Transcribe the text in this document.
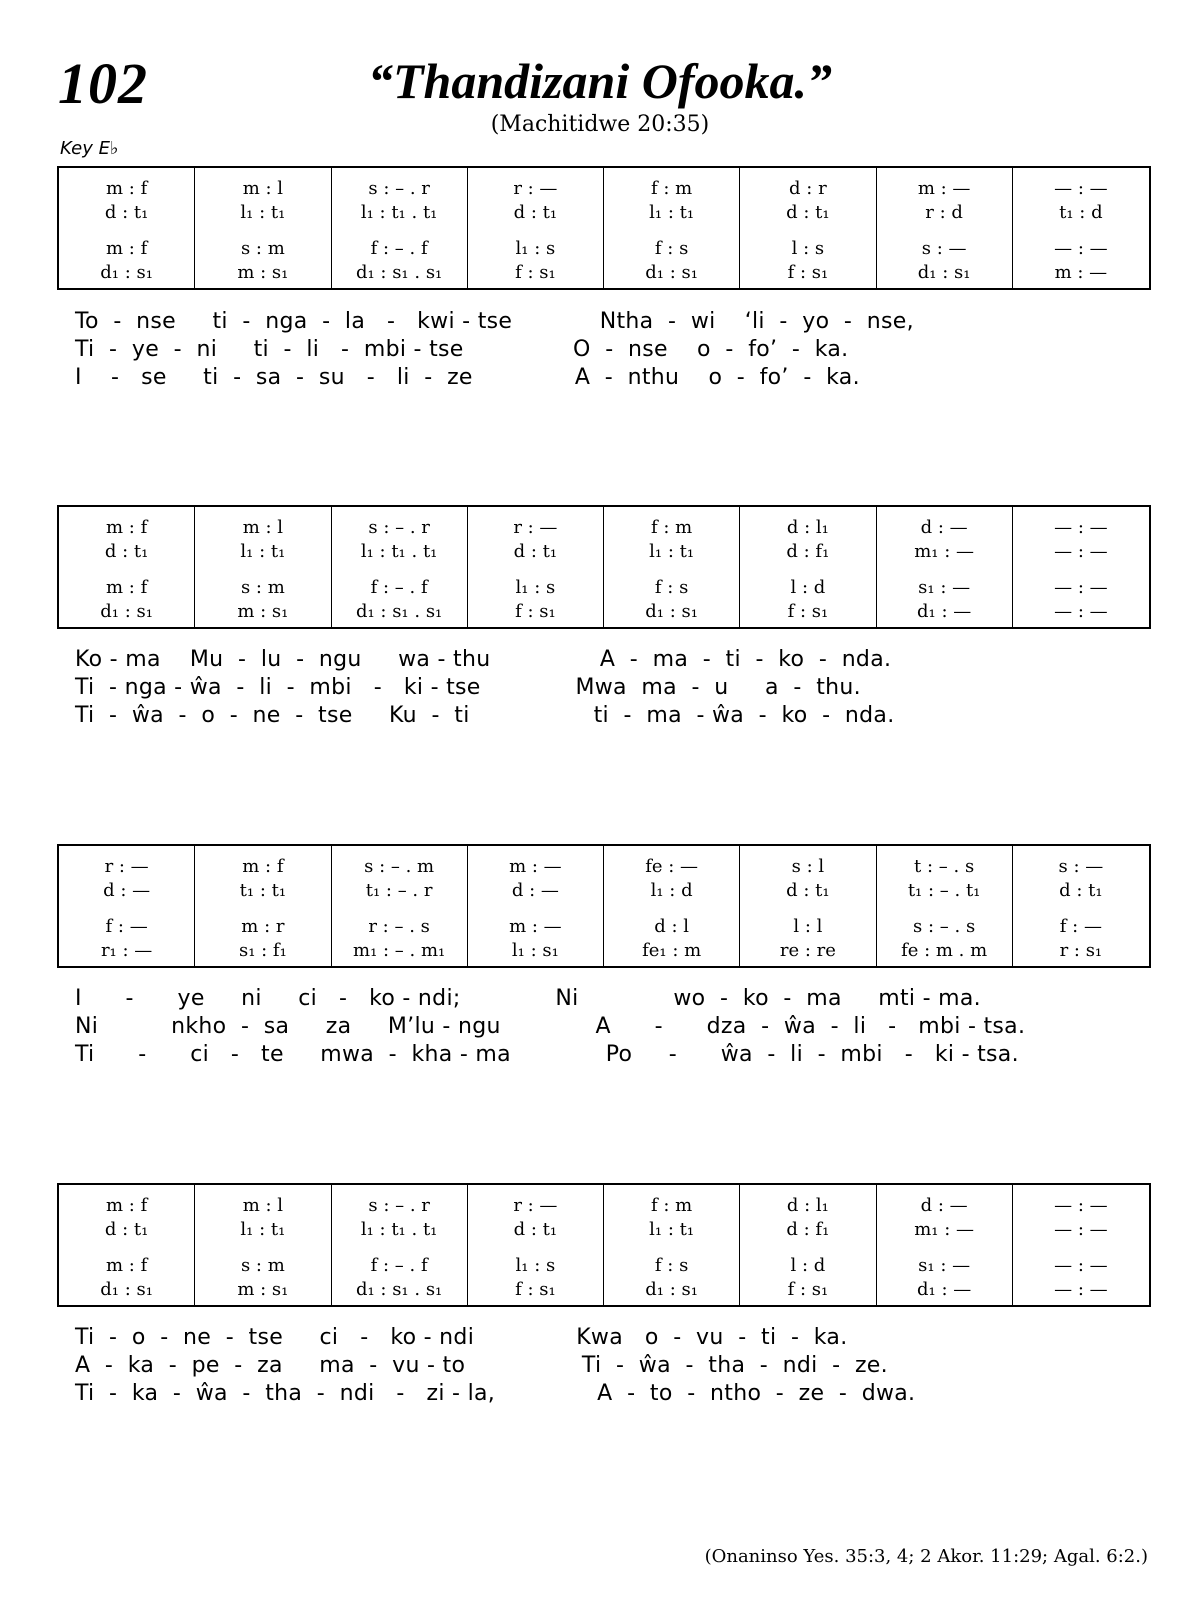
102	“Thandizani Ofooka.”
(Machitidwe 20:35)
Key E♭
m : f
d : t₁
m : f
d₁ : s₁
m : l
l₁ : t₁
s : m
m : s₁
s : – . r
l₁ : t₁ . t₁
f : – . f
d₁ : s₁ . s₁
r : —
d : t₁
l₁ : s
f : s₁
f : m
l₁ : t₁
f : s
d₁ : s₁
d : r
d : t₁
l : s
f : s₁
m : —
r : d
s : —
d₁ : s₁
— : —
t₁ : d
— : —
m : —
To  -  nse     ti  -  nga  -  la   -   kwi - tse            Ntha  -  wi    ‘li  -  yo  -  nse,
Ti  -  ye  -  ni     ti  -  li   -  mbi - tse               O  -  nse    o  -  fo’  -  ka.
I    -   se     ti  -  sa  -  su   -   li  -  ze              A  -  nthu    o  -  fo’  -  ka.
m : f
d : t₁
m : f
d₁ : s₁
m : l
l₁ : t₁
s : m
m : s₁
s : – . r
l₁ : t₁ . t₁
f : – . f
d₁ : s₁ . s₁
r : —
d : t₁
l₁ : s
f : s₁
f : m
l₁ : t₁
f : s
d₁ : s₁
d : l₁
d : f₁
l : d
f : s₁
d : —
m₁ : —
s₁ : —
d₁ : —
— : —
— : —
— : —
— : —
Ko - ma    Mu  -  lu  -  ngu     wa - thu               A  -  ma  -  ti  -  ko  -  nda.
Ti  - nga - ŵa  -  li  -  mbi   -   ki - tse             Mwa  ma  -  u     a  -  thu.
Ti  -  ŵa  -  o  -  ne  -  tse     Ku  -  ti                 ti  -  ma  - ŵa  -  ko  -  nda.
r : —
d : —
f : —
r₁ : —
m : f
t₁ : t₁
m : r
s₁ : f₁
s : – . m
t₁ : – . r
r : – . s
m₁ : – . m₁
m : —
d : —
m : —
l₁ : s₁
fe : —
l₁ : d
d : l
fe₁ : m
s : l
d : t₁
l : l
re : re
t : – . s
t₁ : – . t₁
s : – . s
fe : m . m
s : —
d : t₁
f : —
r : s₁
I      -      ye     ni     ci   -   ko - ndi;             Ni             wo  -  ko  -  ma     mti - ma.
Ni          nkho  -  sa     za     M’lu - ngu             A      -      dza  -  ŵa  -  li   -   mbi - tsa.
Ti      -      ci   -   te     mwa  -  kha - ma             Po     -      ŵa  -  li  -  mbi   -   ki - tsa.
m : f
d : t₁
m : f
d₁ : s₁
m : l
l₁ : t₁
s : m
m : s₁
s : – . r
l₁ : t₁ . t₁
f : – . f
d₁ : s₁ . s₁
r : —
d : t₁
l₁ : s
f : s₁
f : m
l₁ : t₁
f : s
d₁ : s₁
d : l₁
d : f₁
l : d
f : s₁
d : —
m₁ : —
s₁ : —
d₁ : —
— : —
— : —
— : —
— : —
Ti  -  o  -  ne  -  tse     ci   -   ko - ndi              Kwa   o  -  vu  -  ti  -  ka.
A  -  ka  -  pe  -  za     ma  -  vu - to                Ti  -  ŵa  -  tha  -  ndi  -  ze.
Ti  -  ka  -  ŵa  -  tha  -  ndi   -   zi - la,              A  -  to  -  ntho  -  ze  -  dwa.
(Onaninso Yes. 35:3, 4; 2 Akor. 11:29; Agal. 6:2.)
